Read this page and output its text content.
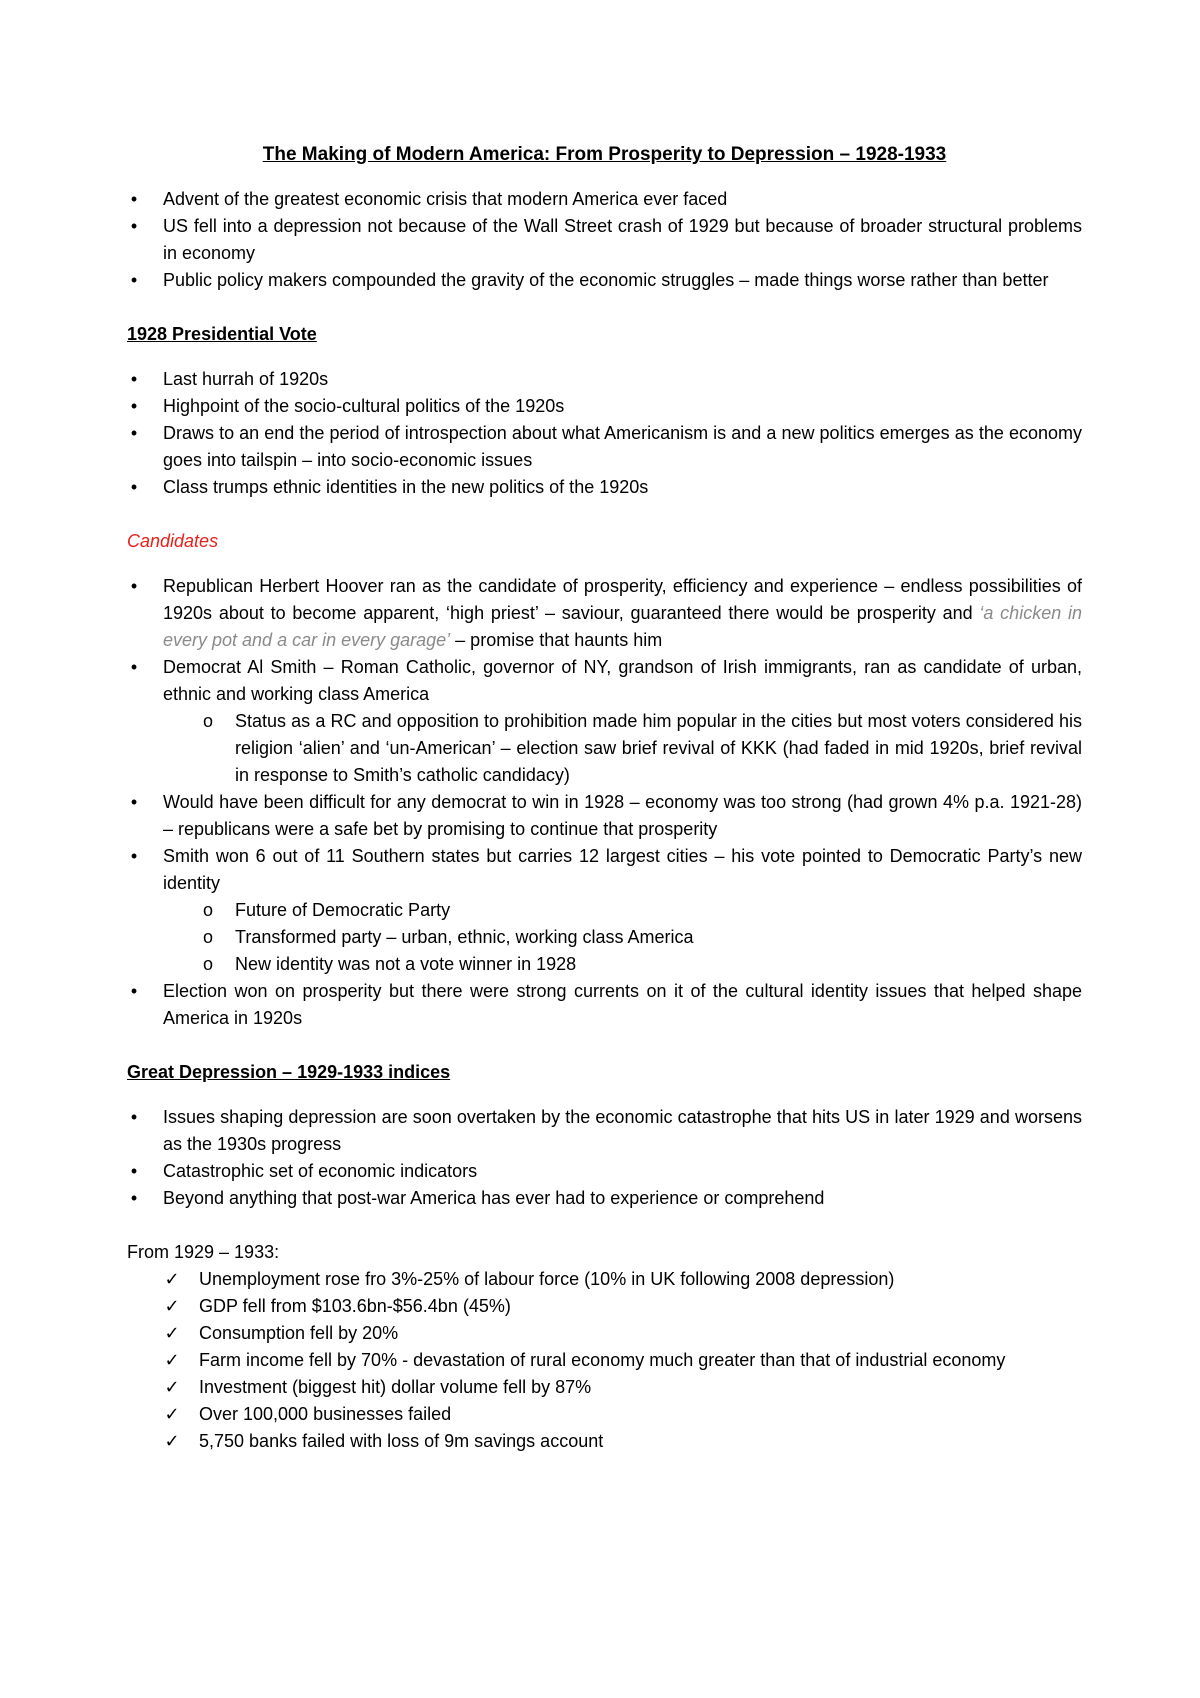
The Making of Modern America: From Prosperity to Depression – 1928-1933
• Advent of the greatest economic crisis that modern America ever faced
• US fell into a depression not because of the Wall Street crash of 1929 but because of broader structural problems in economy
• Public policy makers compounded the gravity of the economic struggles – made things worse rather than better
1928 Presidential Vote
• Last hurrah of 1920s
• Highpoint of the socio-cultural politics of the 1920s
• Draws to an end the period of introspection about what Americanism is and a new politics emerges as the economy goes into tailspin – into socio-economic issues
• Class trumps ethnic identities in the new politics of the 1920s
Candidates
• Republican Herbert Hoover ran as the candidate of prosperity, efficiency and experience – endless possibilities of 1920s about to become apparent, ‘high priest’ – saviour, guaranteed there would be prosperity and ‘a chicken in every pot and a car in every garage’ – promise that haunts him
• Democrat Al Smith – Roman Catholic, governor of NY, grandson of Irish immigrants, ran as candidate of urban, ethnic and working class America
o Status as a RC and opposition to prohibition made him popular in the cities but most voters considered his religion ‘alien’ and ‘un-American’ – election saw brief revival of KKK (had faded in mid 1920s, brief revival in response to Smith’s catholic candidacy)
• Would have been difficult for any democrat to win in 1928 – economy was too strong (had grown 4% p.a. 1921-28) – republicans were a safe bet by promising to continue that prosperity
• Smith won 6 out of 11 Southern states but carries 12 largest cities – his vote pointed to Democratic Party’s new identity
o Future of Democratic Party
o Transformed party – urban, ethnic, working class America
o New identity was not a vote winner in 1928
• Election won on prosperity but there were strong currents on it of the cultural identity issues that helped shape America in 1920s
Great Depression – 1929-1933 indices
• Issues shaping depression are soon overtaken by the economic catastrophe that hits US in later 1929 and worsens as the 1930s progress
• Catastrophic set of economic indicators
• Beyond anything that post-war America has ever had to experience or comprehend
From 1929 – 1933:
✓ Unemployment rose fro 3%-25% of labour force (10% in UK following 2008 depression)
✓ GDP fell from $103.6bn-$56.4bn (45%)
✓ Consumption fell by 20%
✓ Farm income fell by 70% - devastation of rural economy much greater than that of industrial economy
✓ Investment (biggest hit) dollar volume fell by 87%
✓ Over 100,000 businesses failed
✓ 5,750 banks failed with loss of 9m savings account
